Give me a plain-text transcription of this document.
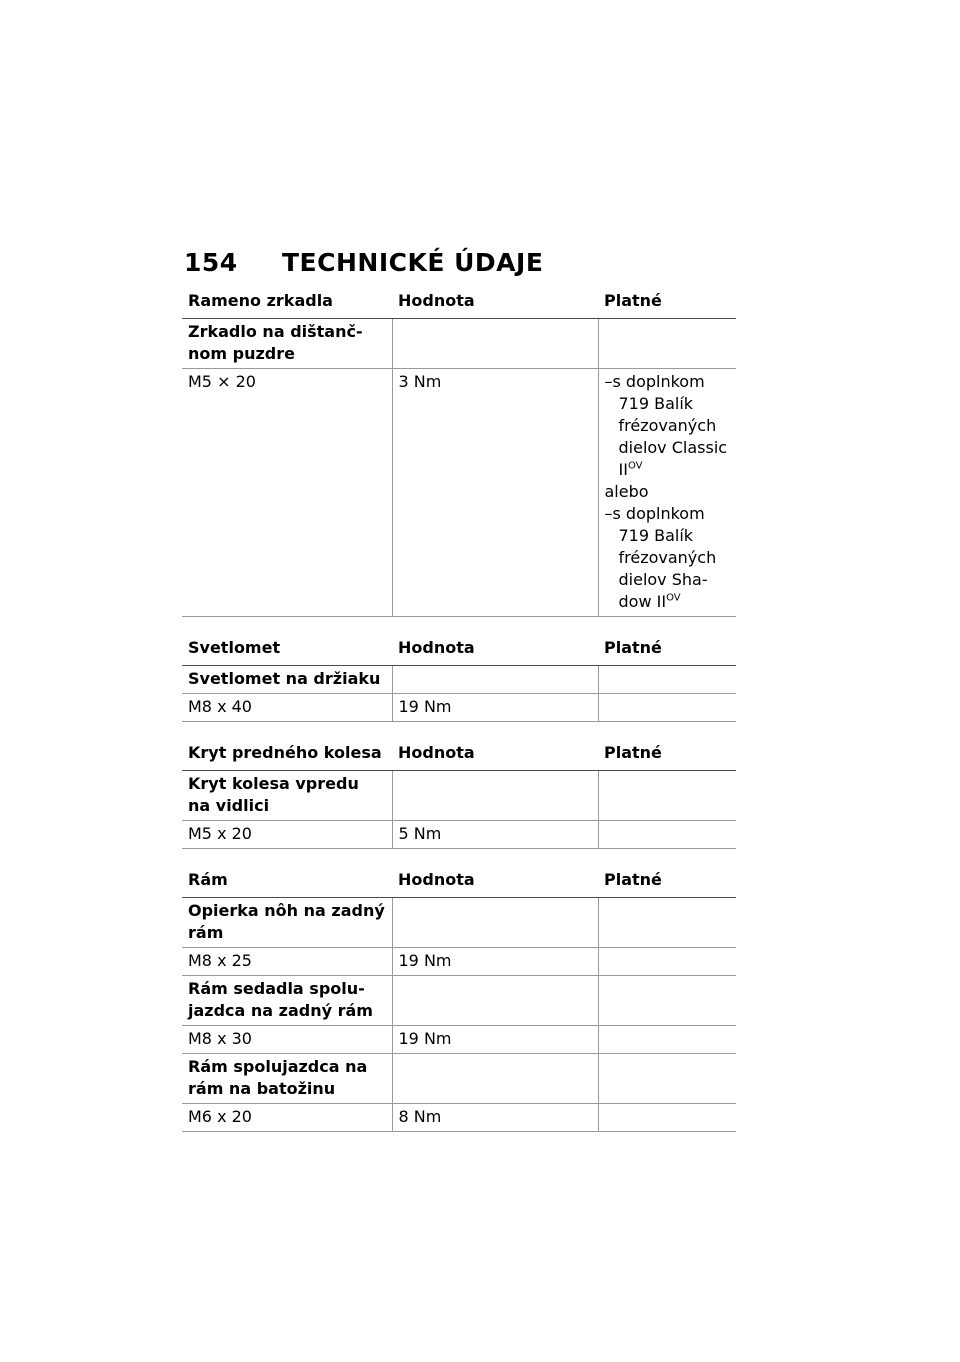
154	TECHNICKÉ ÚDAJE
Rameno zrkadla	Hodnota	Platné
Zrkadlo na dištančnom puzdre		
M5 × 20	3 Nm	–s doplnkom 719 Balík frézovaných dielov Classic $II^{OV}$
alebo
–s doplnkom 719 Balík frézovaných dielov Shadow $II^{OV}$
Svetlomet	Hodnota	Platné
Svetlomet na držiaku		
M8 x 40	19 Nm	
Kryt predného kolesa	Hodnota	Platné
Kryt kolesa vpredu na vidlici		
M5 x 20	5 Nm	
Rám	Hodnota	Platné
Opierka nôh na zadný rám		
M8 x 25	19 Nm	
Rám sedadla spolujazdca na zadný rám		
M8 x 30	19 Nm	
Rám spolujazdca na rám na batožinu		
M6 x 20	8 Nm	
